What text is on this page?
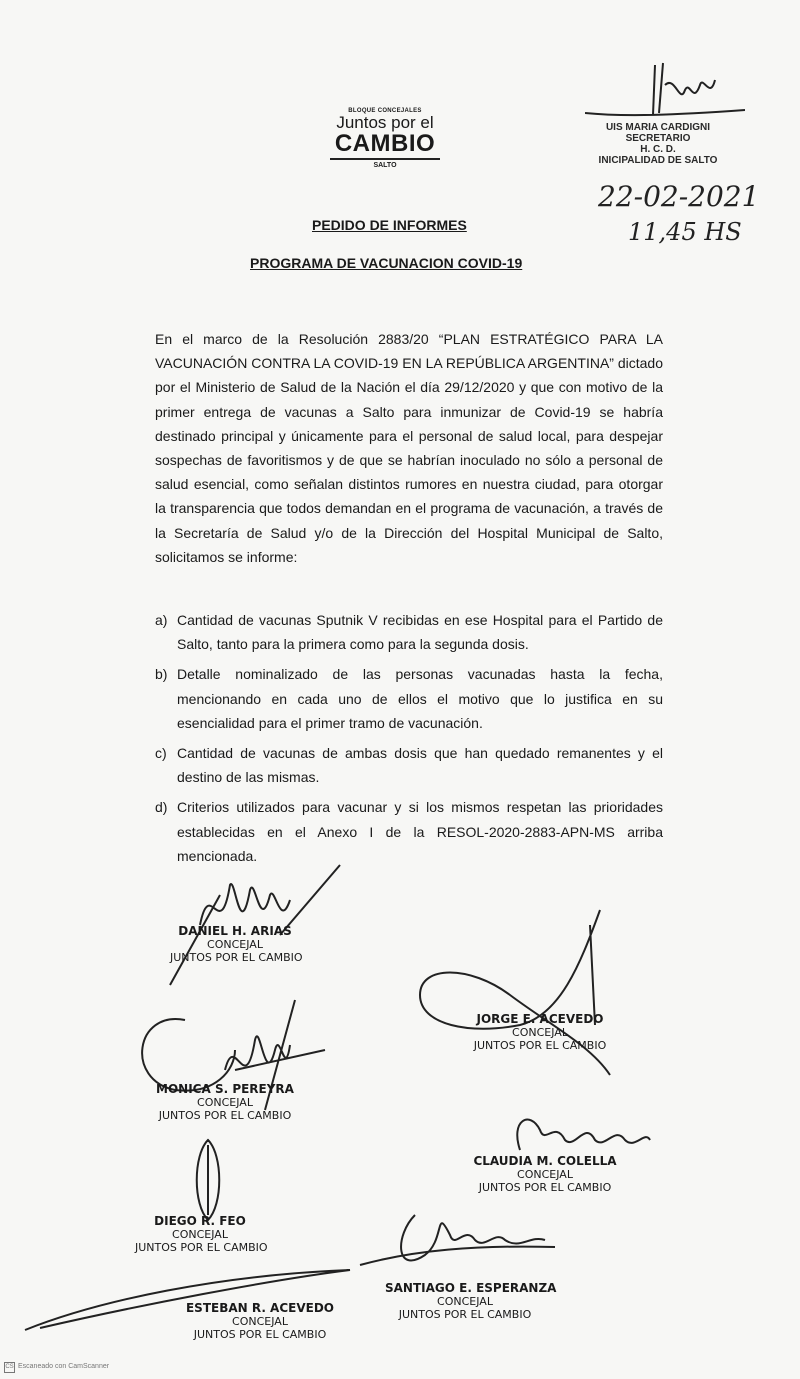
BLOQUE CONCEJALES
Juntos por el
CAMBIO
SALTO
UIS MARIA CARDIGNI
SECRETARIO
H. C. D.
INICIPALIDAD DE SALTO
22-02-2021
11,45 HS
PEDIDO DE INFORMES
PROGRAMA DE VACUNACION COVID-19
En el marco de la Resolución 2883/20 “PLAN ESTRATÉGICO PARA LA VACUNACIÓN CONTRA LA COVID-19 EN LA REPÚBLICA ARGENTINA” dictado por el Ministerio de Salud de la Nación el día 29/12/2020 y que con motivo de la primer entrega de vacunas a Salto para inmunizar de Covid-19 se habría destinado principal y únicamente para el personal de salud local, para despejar sospechas de favoritismos y de que se habrían inoculado no sólo a personal de salud esencial, como señalan distintos rumores en nuestra ciudad, para otorgar la transparencia que todos demandan en el programa de vacunación, a través de la Secretaría de Salud y/o de la Dirección del Hospital Municipal de Salto, solicitamos se informe:
a) Cantidad de vacunas Sputnik V recibidas en ese Hospital para el Partido de Salto, tanto para la primera como para la segunda dosis.
b) Detalle nominalizado de las personas vacunadas hasta la fecha, mencionando en cada uno de ellos el motivo que lo justifica en su esencialidad para el primer tramo de vacunación.
c) Cantidad de vacunas de ambas dosis que han quedado remanentes y el destino de las mismas.
d) Criterios utilizados para vacunar y si los mismos respetan las prioridades establecidas en el Anexo I de la RESOL-2020-2883-APN-MS arriba mencionada.
DANIEL H. ARIAS
CONCEJAL
JUNTOS POR EL CAMBIO
JORGE E. ACEVEDO
CONCEJAL
JUNTOS POR EL CAMBIO
MONICA S. PEREYRA
CONCEJAL
JUNTOS POR EL CAMBIO
CLAUDIA M. COLELLA
CONCEJAL
JUNTOS POR EL CAMBIO
DIEGO R. FEO
CONCEJAL
JUNTOS POR EL CAMBIO
SANTIAGO E. ESPERANZA
CONCEJAL
JUNTOS POR EL CAMBIO
ESTEBAN R. ACEVEDO
CONCEJAL
JUNTOS POR EL CAMBIO
CS Escaneado con CamScanner
